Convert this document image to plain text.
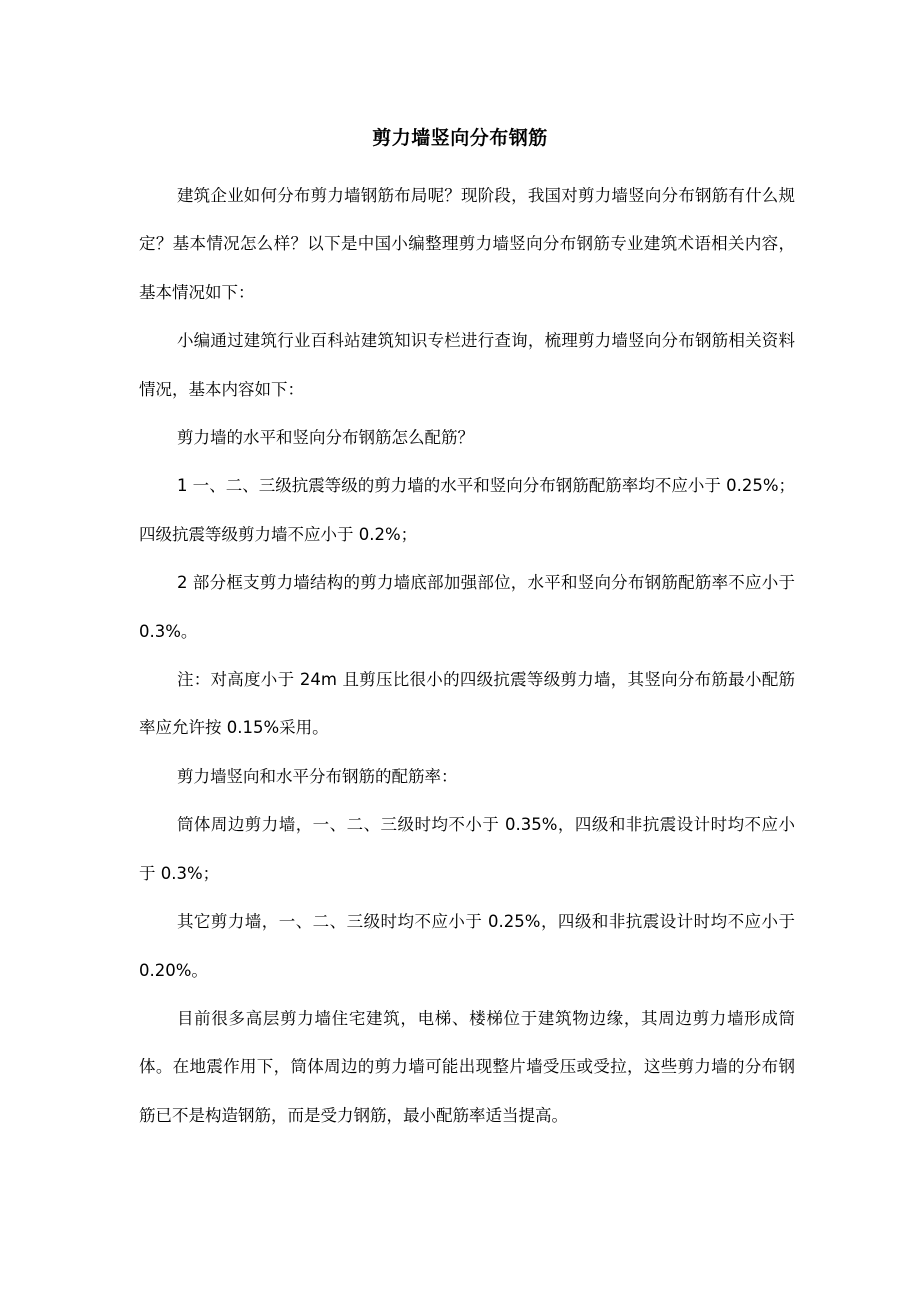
剪力墙竖向分布钢筋

建筑企业如何分布剪力墙钢筋布局呢？现阶段，我国对剪力墙竖向分布钢筋有什么规定？基本情况怎么样？以下是中国小编整理剪力墙竖向分布钢筋专业建筑术语相关内容，基本情况如下：

小编通过建筑行业百科站建筑知识专栏进行查询，梳理剪力墙竖向分布钢筋相关资料情况，基本内容如下：

剪力墙的水平和竖向分布钢筋怎么配筋？

1 一、二、三级抗震等级的剪力墙的水平和竖向分布钢筋配筋率均不应小于 0.25%；四级抗震等级剪力墙不应小于 0.2%；

2 部分框支剪力墙结构的剪力墙底部加强部位，水平和竖向分布钢筋配筋率不应小于 0.3%。

注：对高度小于 24m 且剪压比很小的四级抗震等级剪力墙，其竖向分布筋最小配筋率应允许按 0.15%采用。

剪力墙竖向和水平分布钢筋的配筋率：

筒体周边剪力墙，一、二、三级时均不小于 0.35%，四级和非抗震设计时均不应小于 0.3%；

其它剪力墙，一、二、三级时均不应小于 0.25%，四级和非抗震设计时均不应小于 0.20%。

目前很多高层剪力墙住宅建筑，电梯、楼梯位于建筑物边缘，其周边剪力墙形成筒体。在地震作用下，筒体周边的剪力墙可能出现整片墙受压或受拉，这些剪力墙的分布钢筋已不是构造钢筋，而是受力钢筋，最小配筋率适当提高。
